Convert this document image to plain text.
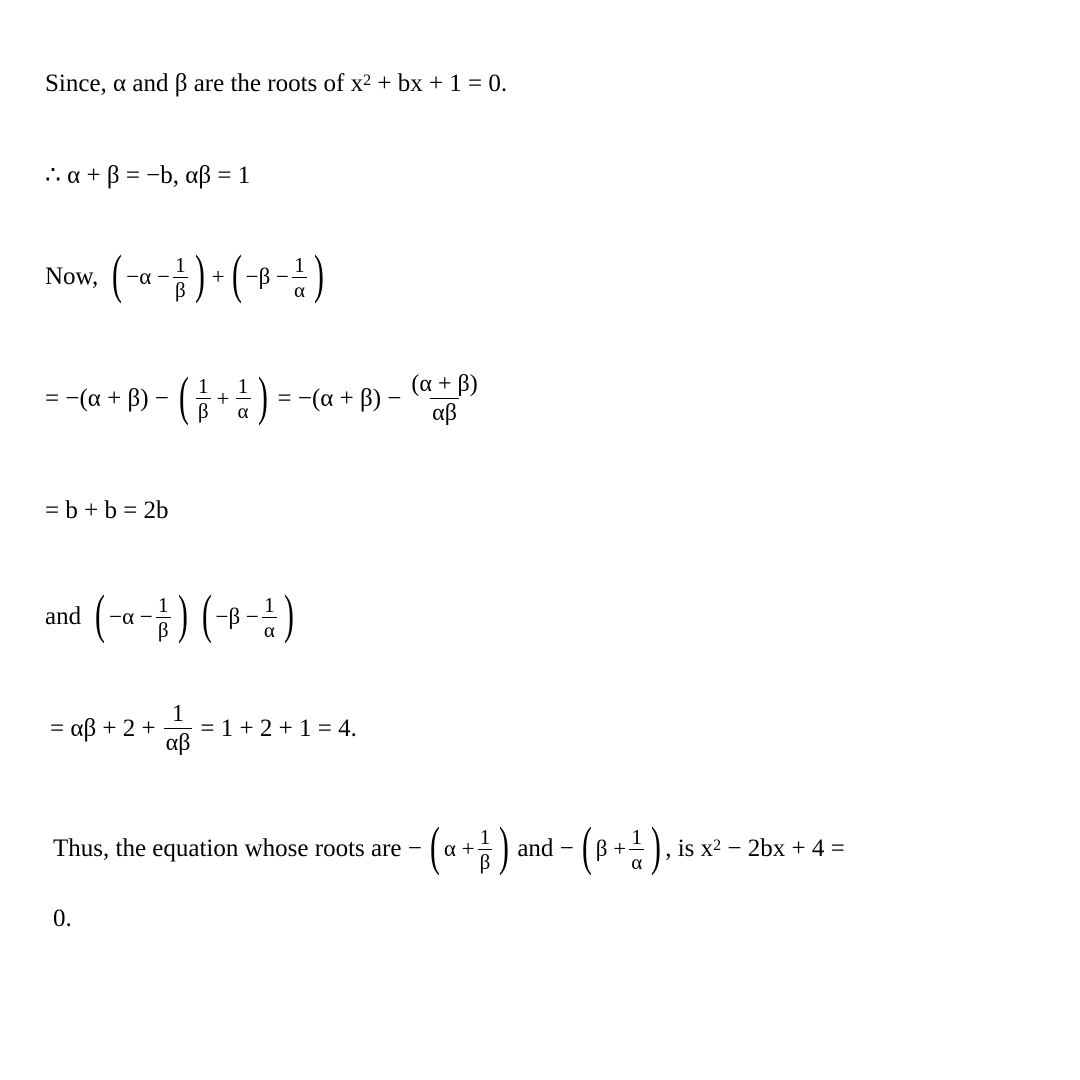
Since, α and β are the roots of $x^2$ + bx + 1 = 0.
∴ α + β = −b, αβ = 1
Now, ( $-\alpha - \frac{1}{\beta}$ ) + ( $-\beta - \frac{1}{\alpha}$ )
= −(α + β) − ( $\frac{1}{\beta} + \frac{1}{\alpha}$ ) = $-(\alpha + \beta) - \frac{(\alpha + \beta)}{\alpha\beta}$
= b + b = 2b
and ( $-\alpha - \frac{1}{\beta}$ ) ( $-\beta - \frac{1}{\alpha}$ )
= $\alpha\beta + 2 + \frac{1}{\alpha\beta} = 1 + 2 + 1 = 4$.
Thus, the equation whose roots are − ( $\alpha + \frac{1}{\beta}$ ) and − ( $\beta + \frac{1}{\alpha}$ ) , is $x^2 - 2bx + 4$ =
0.
